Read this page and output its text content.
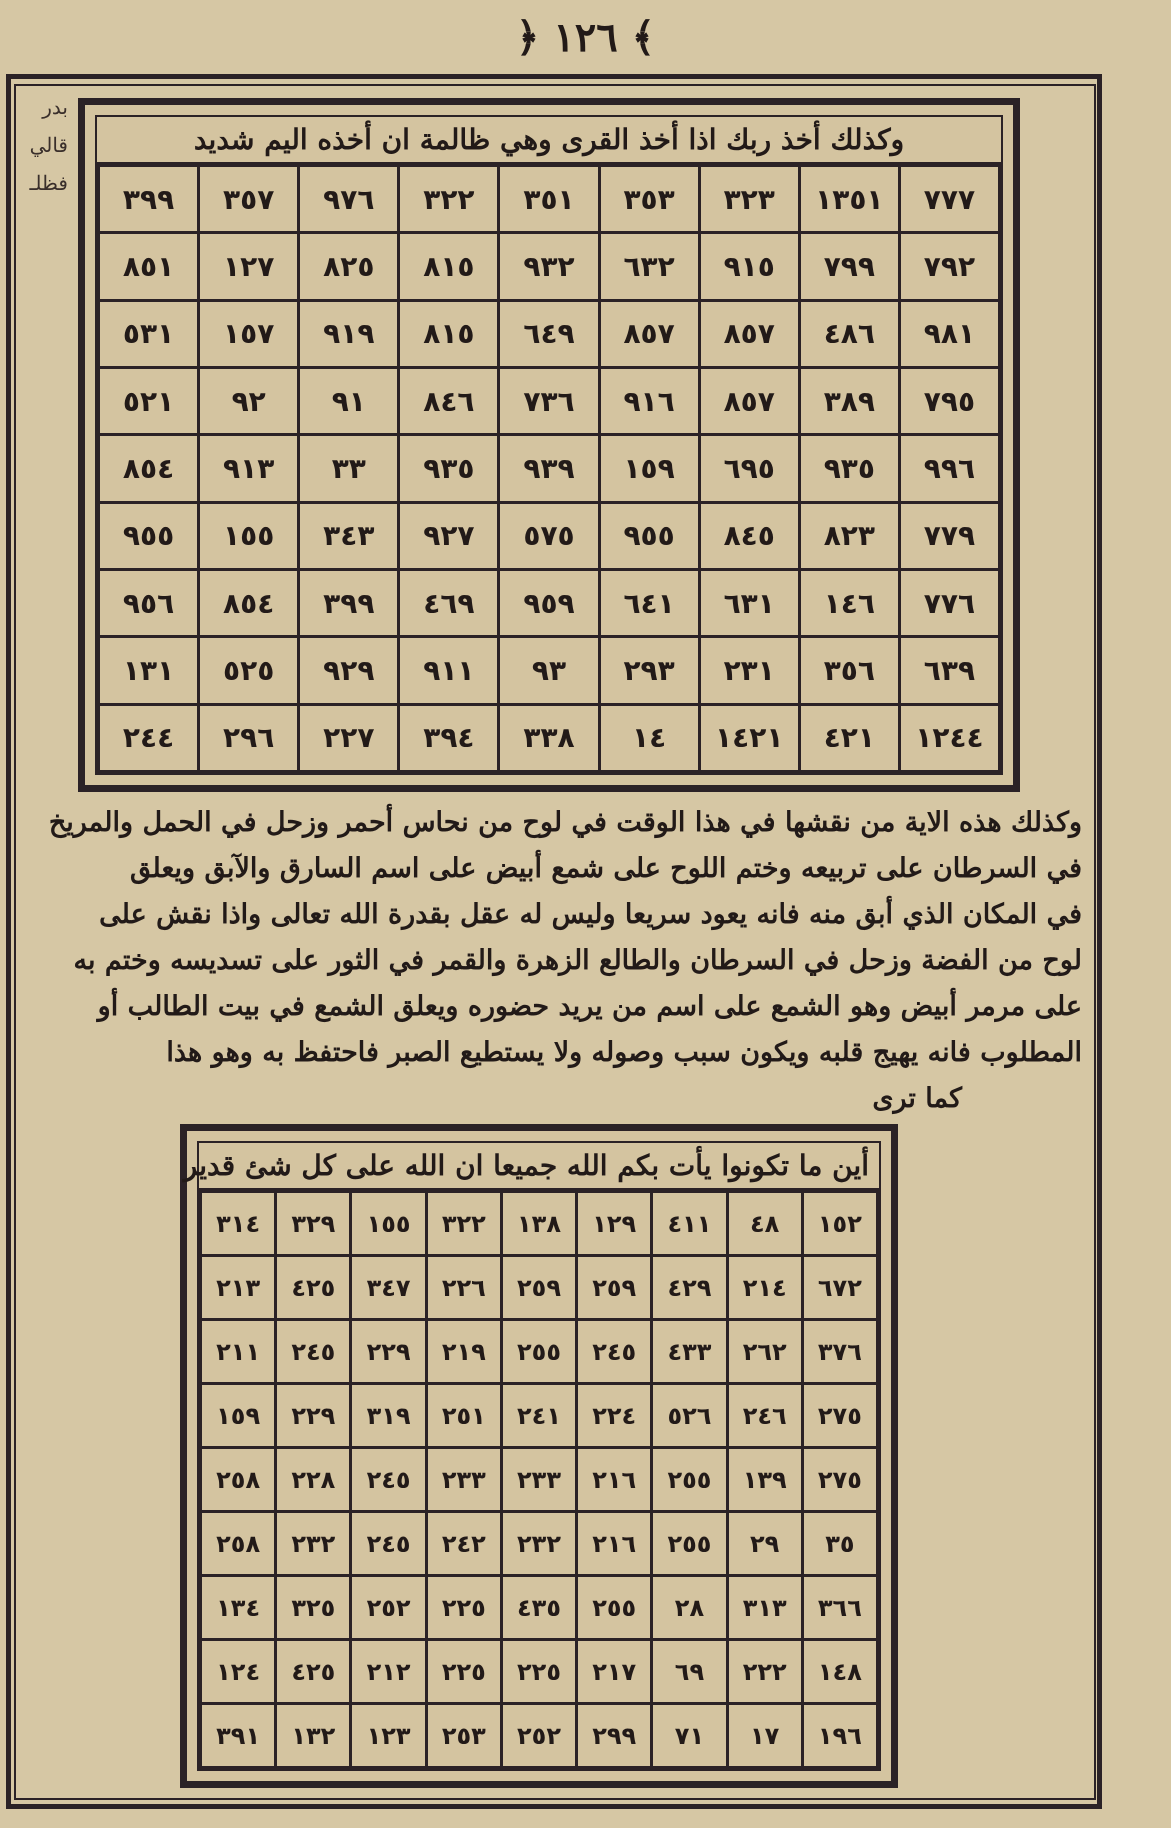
﴿ ١٢٦ ﴾
بدر
قالي
فظلـ
وكذلك أخذ ربك اذا أخذ القرى وهي ظالمة ان أخذه اليم شديد
٧٧٧	١٣٥١	٣٢٣	٣٥٣	٣٥١	٣٢٢	٩٧٦	٣٥٧	٣٩٩
٧٩٢	٧٩٩	٩١٥	٦٣٢	٩٣٢	٨١٥	٨٢٥	١٢٧	٨٥١
٩٨١	٤٨٦	٨٥٧	٨٥٧	٦٤٩	٨١٥	٩١٩	١٥٧	٥٣١
٧٩٥	٣٨٩	٨٥٧	٩١٦	٧٣٦	٨٤٦	٩١	٩٢	٥٢١
٩٩٦	٩٣٥	٦٩٥	١٥٩	٩٣٩	٩٣٥	٣٣	٩١٣	٨٥٤
٧٧٩	٨٢٣	٨٤٥	٩٥٥	٥٧٥	٩٢٧	٣٤٣	١٥٥	٩٥٥
٧٧٦	١٤٦	٦٣١	٦٤١	٩٥٩	٤٦٩	٣٩٩	٨٥٤	٩٥٦
٦٣٩	٣٥٦	٢٣١	٢٩٣	٩٣	٩١١	٩٢٩	٥٢٥	١٣١
١٢٤٤	٤٢١	١٤٢١	١٤	٣٣٨	٣٩٤	٢٢٧	٢٩٦	٢٤٤
وكذلك هذه الاية من نقشها في هذا الوقت في لوح من نحاس أحمر وزحل في الحمل والمريخ
في السرطان على تربيعه وختم اللوح على شمع أبيض على اسم السارق والآبق ويعلق
في المكان الذي أبق منه فانه يعود سريعا وليس له عقل بقدرة الله تعالى واذا نقش على
لوح من الفضة وزحل في السرطان والطالع الزهرة والقمر في الثور على تسديسه وختم به
على مرمر أبيض وهو الشمع على اسم من يريد حضوره ويعلق الشمع في بيت الطالب أو
المطلوب فانه يهيج قلبه ويكون سبب وصوله ولا يستطيع الصبر فاحتفظ به وهو هذا
كما ترى
أين ما تكونوا يأت بكم الله جميعا ان الله على كل شئ قدير
١٥٢	٤٨	٤١١	١٢٩	١٣٨	٣٢٢	١٥٥	٣٢٩	٣١٤
٦٧٢	٢١٤	٤٢٩	٢٥٩	٢٥٩	٢٢٦	٣٤٧	٤٢٥	٢١٣
٣٧٦	٢٦٢	٤٣٣	٢٤٥	٢٥٥	٢١٩	٢٢٩	٢٤٥	٢١١
٢٧٥	٢٤٦	٥٢٦	٢٢٤	٢٤١	٢٥١	٣١٩	٢٢٩	١٥٩
٢٧٥	١٣٩	٢٥٥	٢١٦	٢٣٣	٢٣٣	٢٤٥	٢٢٨	٢٥٨
٣٥	٢٩	٢٥٥	٢١٦	٢٣٢	٢٤٢	٢٤٥	٢٣٢	٢٥٨
٣٦٦	٣١٣	٢٨	٢٥٥	٤٣٥	٢٢٥	٢٥٢	٣٢٥	١٣٤
١٤٨	٢٢٢	٦٩	٢١٧	٢٢٥	٢٢٥	٢١٢	٤٢٥	١٢٤
١٩٦	١٧	٧١	٢٩٩	٢٥٢	٢٥٣	١٢٣	١٣٢	٣٩١
